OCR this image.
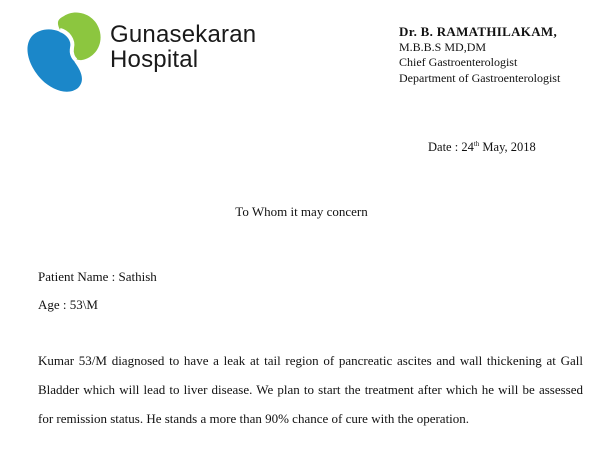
Gunasekaran
Hospital
Dr. B. RAMATHILAKAM,
M.B.B.S MD,DM
Chief Gastroenterologist
Department of Gastroenterologist
Date : 24th May, 2018
To Whom it may concern
Patient Name : Sathish
Age : 53\M
Kumar 53/M diagnosed to have a leak at tail region of pancreatic ascites and wall thickening at Gall Bladder which will lead to liver disease. We plan to start the treatment after which he will be assessed for remission status. He stands a more than 90% chance of cure with the operation.
